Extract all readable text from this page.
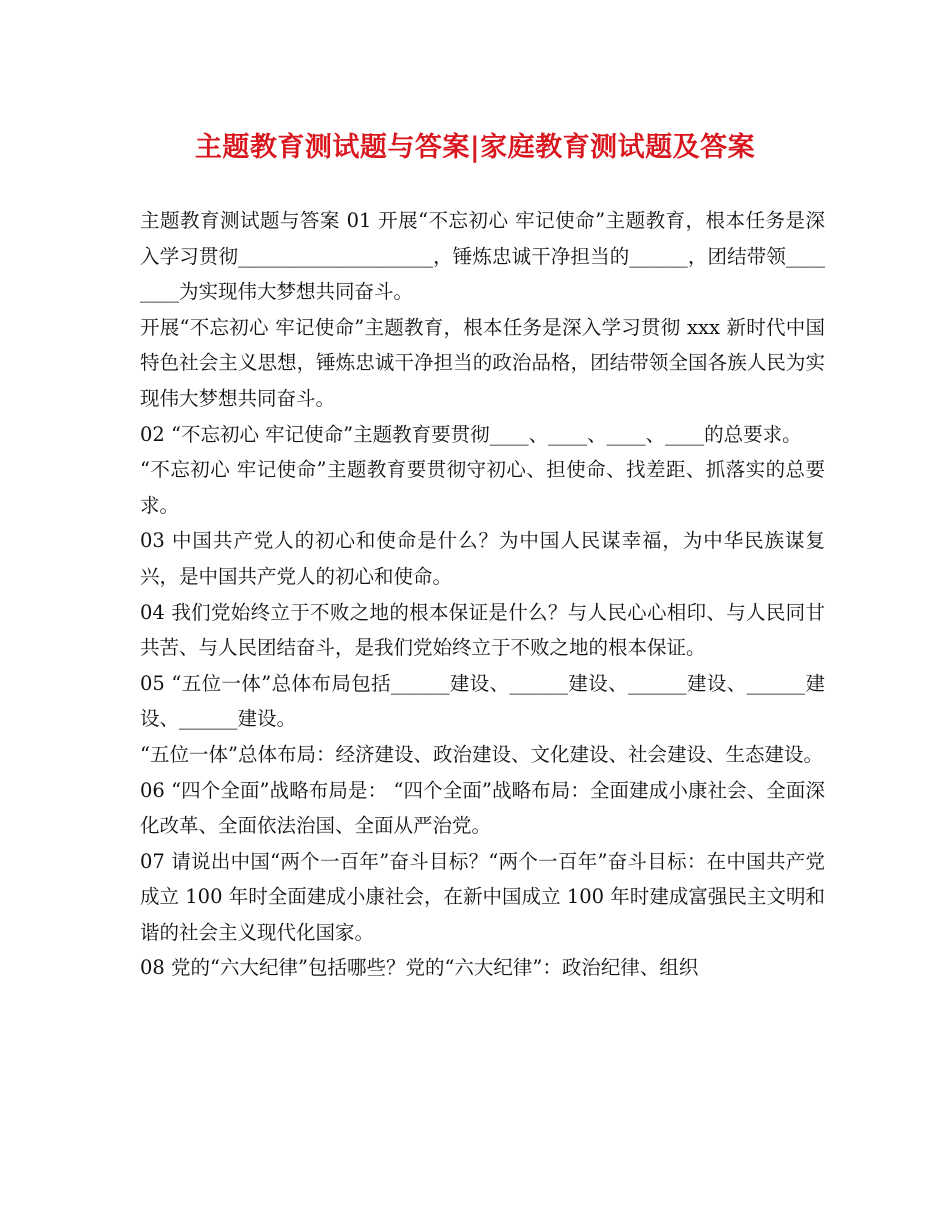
主题教育测试题与答案|家庭教育测试题及答案

主题教育测试题与答案 01 开展“不忘初心 牢记使命”主题教育，根本任务是深入学习贯彻____________________，锤炼忠诚干净担当的______，团结带领________为实现伟大梦想共同奋斗。

开展“不忘初心 牢记使命”主题教育，根本任务是深入学习贯彻 xxx 新时代中国特色社会主义思想，锤炼忠诚干净担当的政治品格，团结带领全国各族人民为实现伟大梦想共同奋斗。

02 “不忘初心 牢记使命”主题教育要贯彻____、____、____、____的总要求。

“不忘初心 牢记使命”主题教育要贯彻守初心、担使命、找差距、抓落实的总要求。

03 中国共产党人的初心和使命是什么？为中国人民谋幸福，为中华民族谋复兴，是中国共产党人的初心和使命。

04 我们党始终立于不败之地的根本保证是什么？与人民心心相印、与人民同甘共苦、与人民团结奋斗，是我们党始终立于不败之地的根本保证。

05 “五位一体”总体布局包括______建设、______建设、______建设、______建设、______建设。

“五位一体”总体布局：经济建设、政治建设、文化建设、社会建设、生态建设。

06 “四个全面”战略布局是： “四个全面”战略布局：全面建成小康社会、全面深化改革、全面依法治国、全面从严治党。

07 请说出中国“两个一百年”奋斗目标？“两个一百年”奋斗目标：在中国共产党成立 100 年时全面建成小康社会，在新中国成立 100 年时建成富强民主文明和谐的社会主义现代化国家。

08 党的“六大纪律”包括哪些？党的“六大纪律”：政治纪律、组织
